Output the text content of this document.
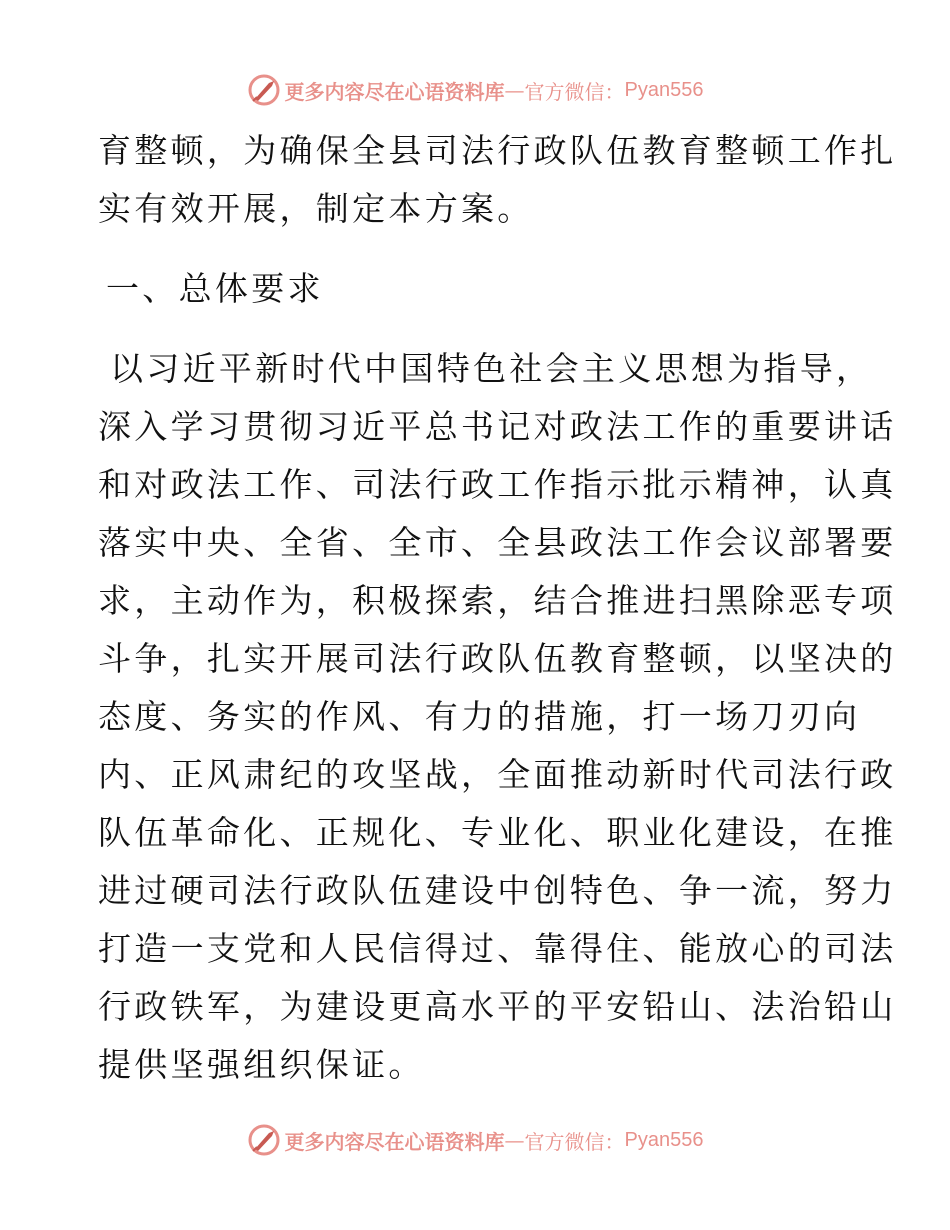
更多内容尽在心语资料库 — 官方微信： Pyan556
育整顿，为确保全县司法行政队伍教育整顿工作扎
实有效开展，制定本方案。
一、总体要求
以习近平新时代中国特色社会主义思想为指导，
深入学习贯彻习近平总书记对政法工作的重要讲话
和对政法工作、司法行政工作指示批示精神，认真
落实中央、全省、全市、全县政法工作会议部署要
求，主动作为，积极探索，结合推进扫黑除恶专项
斗争，扎实开展司法行政队伍教育整顿，以坚决的
态度、务实的作风、有力的措施，打一场刀刃向
内、正风肃纪的攻坚战，全面推动新时代司法行政
队伍革命化、正规化、专业化、职业化建设，在推
进过硬司法行政队伍建设中创特色、争一流，努力
打造一支党和人民信得过、靠得住、能放心的司法
行政铁军，为建设更高水平的平安铅山、法治铅山
提供坚强组织保证。
更多内容尽在心语资料库 — 官方微信： Pyan556
